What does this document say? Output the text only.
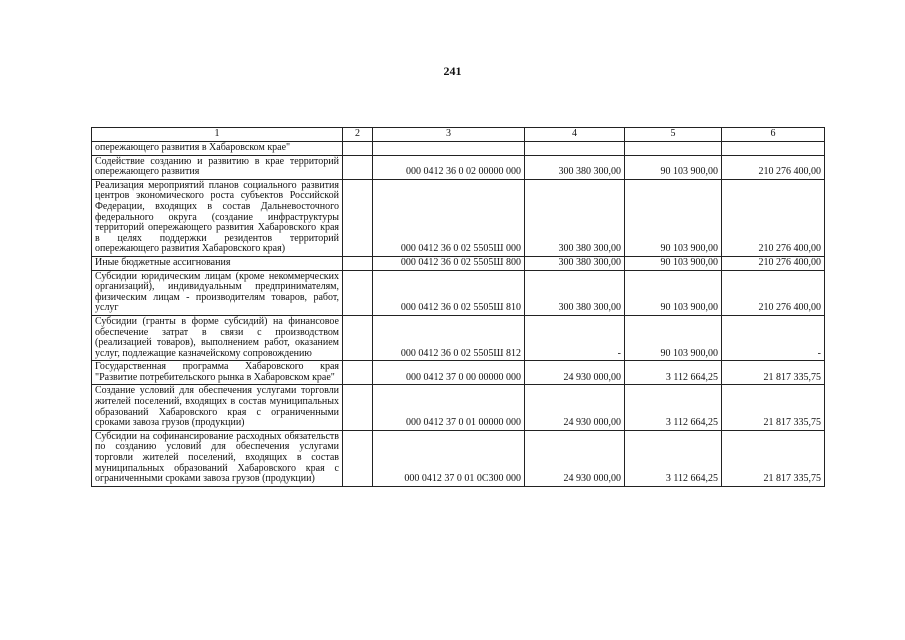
241
1	2	3	4	5	6
опережающего развития в Хабаровском крае"					
Содействие созданию и развитию в крае территорий опережающего развития		000 0412 36 0 02 00000 000	300 380 300,00	90 103 900,00	210 276 400,00
Реализация мероприятий планов социального развития центров экономического роста субъектов Российской Федерации, входящих в состав Дальневосточного федерального округа (создание инфраструктуры территорий опережающего развития Хабаровского края в целях поддержки резидентов территорий опережающего развития Хабаровского края)		000 0412 36 0 02 5505Ш 000	300 380 300,00	90 103 900,00	210 276 400,00
Иные бюджетные ассигнования		000 0412 36 0 02 5505Ш 800	300 380 300,00	90 103 900,00	210 276 400,00
Субсидии юридическим лицам (кроме некоммерческих организаций), индивидуальным предпринимателям, физическим лицам - производителям товаров, работ, услуг		000 0412 36 0 02 5505Ш 810	300 380 300,00	90 103 900,00	210 276 400,00
Субсидии (гранты в форме субсидий) на финансовое обеспечение затрат в связи с производством (реализацией товаров), выполнением работ, оказанием услуг, подлежащие казначейскому сопровождению		000 0412 36 0 02 5505Ш 812	-	90 103 900,00	-
Государственная программа Хабаровского края "Развитие потребительского рынка в Хабаровском крае"		000 0412 37 0 00 00000 000	24 930 000,00	3 112 664,25	21 817 335,75
Создание условий для обеспечения услугами торговли жителей поселений, входящих в состав муниципальных образований Хабаровского края с ограниченными сроками завоза грузов (продукции)		000 0412 37 0 01 00000 000	24 930 000,00	3 112 664,25	21 817 335,75
Субсидии на софинансирование расходных обязательств по созданию условий для обеспечения услугами торговли жителей поселений, входящих в состав муниципальных образований Хабаровского края с ограниченными сроками завоза грузов (продукции)		000 0412 37 0 01 0С300 000	24 930 000,00	3 112 664,25	21 817 335,75
